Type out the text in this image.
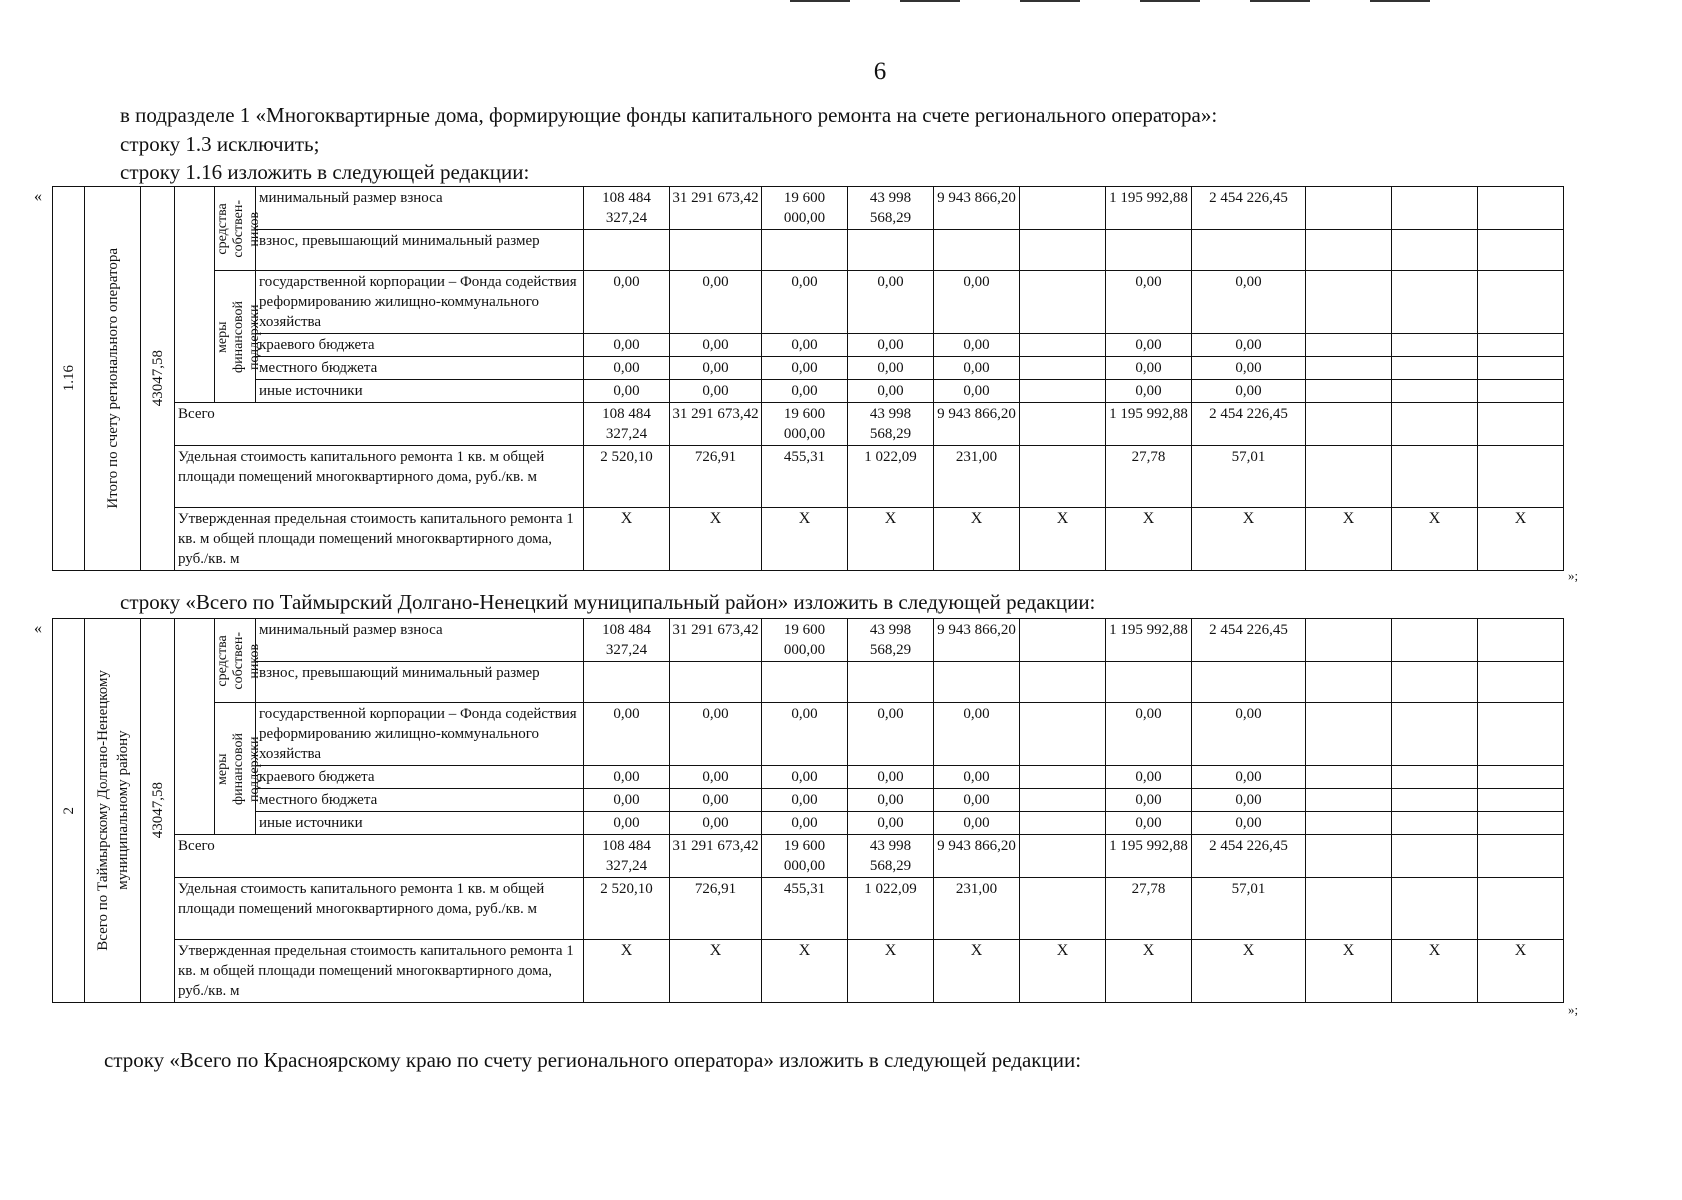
6
в подразделе 1 «Многоквартирные дома, формирующие фонды капитального ремонта на счете регионального оператора»:
строку 1.3 исключить;
строку 1.16 изложить в следующей редакции:
«
1.16	Итого по счету регионального оператора	43047,58		средства
собствен-
ников	минимальный размер взноса	108 484 327,24	31 291 673,42	19 600 000,00	43 998 568,29	9 943 866,20		1 195 992,88	2 454 226,45			
					взнос, превышающий минимальный размер											

				меры
финансовой
поддержки	государственной корпорации – Фонда содействия реформированию жилищно-коммунального хозяйства	0,00	0,00	0,00	0,00	0,00		0,00	0,00			
					краевого бюджета	0,00	0,00	0,00	0,00	0,00		0,00	0,00			
					местного бюджета	0,00	0,00	0,00	0,00	0,00		0,00	0,00			
					иные источники	0,00	0,00	0,00	0,00	0,00		0,00	0,00			
			Всего			108 484 327,24	31 291 673,42	19 600 000,00	43 998 568,29	9 943 866,20		1 195 992,88	2 454 226,45			
			Удельная стоимость капитального ремонта 1 кв. м общей площади помещений многоквартирного дома, руб./кв. м			2 520,10	726,91	455,31	1 022,09	231,00		27,78	57,01			
			Утвержденная предельная стоимость капитального ремонта 1 кв. м общей площади помещений многоквартирного дома, руб./кв. м			X	X	X	X	X	X	X	X	X	X	X
»;
строку «Всего по Таймырский Долгано-Ненецкий муниципальный район» изложить в следующей редакции:
«
2	Всего по Таймырскому Долгано-Ненецкому муниципальному району	43047,58		средства
собствен-
ников	минимальный размер взноса	108 484 327,24	31 291 673,42	19 600 000,00	43 998 568,29	9 943 866,20		1 195 992,88	2 454 226,45			
					взнос, превышающий минимальный размер											

				меры
финансовой
поддержки	государственной корпорации – Фонда содействия реформированию жилищно-коммунального хозяйства	0,00	0,00	0,00	0,00	0,00		0,00	0,00			
					краевого бюджета	0,00	0,00	0,00	0,00	0,00		0,00	0,00			
					местного бюджета	0,00	0,00	0,00	0,00	0,00		0,00	0,00			
					иные источники	0,00	0,00	0,00	0,00	0,00		0,00	0,00			
			Всего			108 484 327,24	31 291 673,42	19 600 000,00	43 998 568,29	9 943 866,20		1 195 992,88	2 454 226,45			
			Удельная стоимость капитального ремонта 1 кв. м общей площади помещений многоквартирного дома, руб./кв. м			2 520,10	726,91	455,31	1 022,09	231,00		27,78	57,01			
			Утвержденная предельная стоимость капитального ремонта 1 кв. м общей площади помещений многоквартирного дома, руб./кв. м			X	X	X	X	X	X	X	X	X	X	X
»;
строку «Всего по Красноярскому краю по счету регионального оператора» изложить в следующей редакции:
